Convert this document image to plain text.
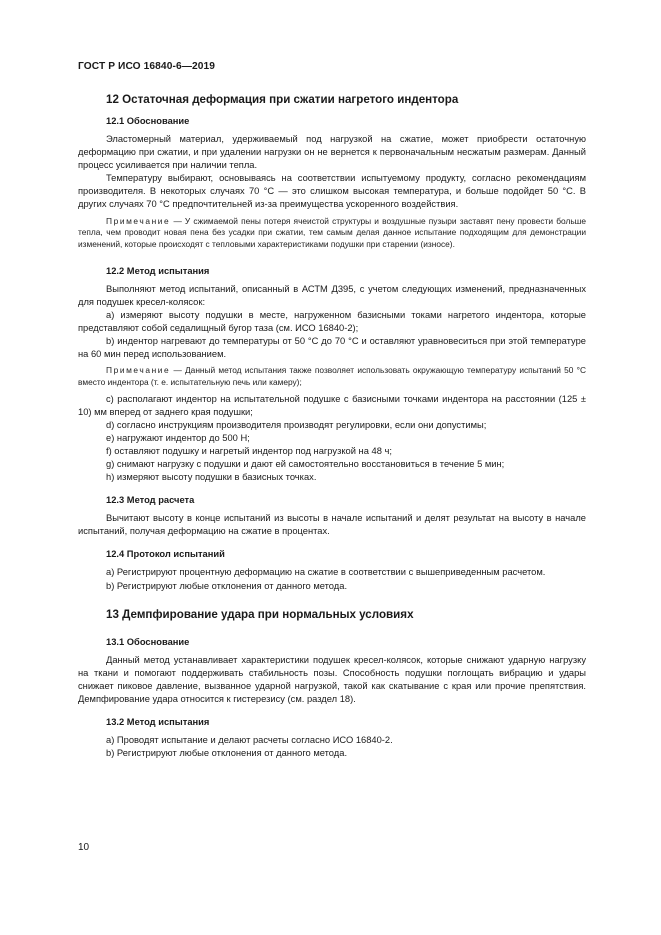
ГОСТ Р ИСО 16840-6—2019
12 Остаточная деформация при сжатии нагретого индентора
12.1 Обоснование

Эластомерный материал, удерживаемый под нагрузкой на сжатие, может приобрести остаточную деформацию при сжатии, и при удалении нагрузки он не вернется к первоначальным несжатым размерам. Данный процесс усиливается при наличии тепла.

Температуру выбирают, основываясь на соответствии испытуемому продукту, согласно рекомендациям производителя. В некоторых случаях 70 °С — это слишком высокая температура, и больше подойдет 50 °С. В других случаях 70 °С предпочтительней из-за преимущества ускоренного воздействия.

Примечание — У сжимаемой пены потеря ячеистой структуры и воздушные пузыри заставят пену провести больше тепла, чем проводит новая пена без усадки при сжатии, тем самым делая данное испытание подходящим для демонстрации изменений, которые происходят с тепловыми характеристиками подушки при старении (износе).

12.2 Метод испытания

Выполняют метод испытаний, описанный в АСТМ Д395, с учетом следующих изменений, предназначенных для подушек кресел-колясок:

a) измеряют высоту подушки в месте, нагруженном базисными токами нагретого индентора, которые представляют собой седалищный бугор таза (см. ИСО 16840-2);

b) индентор нагревают до температуры от 50 °С до 70 °С и оставляют уравновеситься при этой температуре на 60 мин перед использованием.

Примечание — Данный метод испытания также позволяет использовать окружающую температуру испытаний 50 °С вместо индентора (т. е. испытательную печь или камеру);

c) располагают индентор на испытательной подушке с базисными точками индентора на расстоянии (125 ± 10) мм вперед от заднего края подушки;

d) согласно инструкциям производителя производят регулировки, если они допустимы;

e) нагружают индентор до 500 Н;

f) оставляют подушку и нагретый индентор под нагрузкой на 48 ч;

g) снимают нагрузку с подушки и дают ей самостоятельно восстановиться в течение 5 мин;

h) измеряют высоту подушки в базисных точках.

12.3 Метод расчета

Вычитают высоту в конце испытаний из высоты в начале испытаний и делят результат на высоту в начале испытаний, получая деформацию на сжатие в процентах.

12.4 Протокол испытаний

a) Регистрируют процентную деформацию на сжатие в соответствии с вышеприведенным расчетом.

b) Регистрируют любые отклонения от данного метода.

13 Демпфирование удара при нормальных условиях
13.1 Обоснование

Данный метод устанавливает характеристики подушек кресел-колясок, которые снижают ударную нагрузку на ткани и помогают поддерживать стабильность позы. Способность подушки поглощать вибрацию и удары снижает пиковое давление, вызванное ударной нагрузкой, такой как скатывание с края или прочие препятствия. Демпфирование удара относится к гистерезису (см. раздел 18).

13.2 Метод испытания

a) Проводят испытание и делают расчеты согласно ИСО 16840-2.

b) Регистрируют любые отклонения от данного метода.

10
